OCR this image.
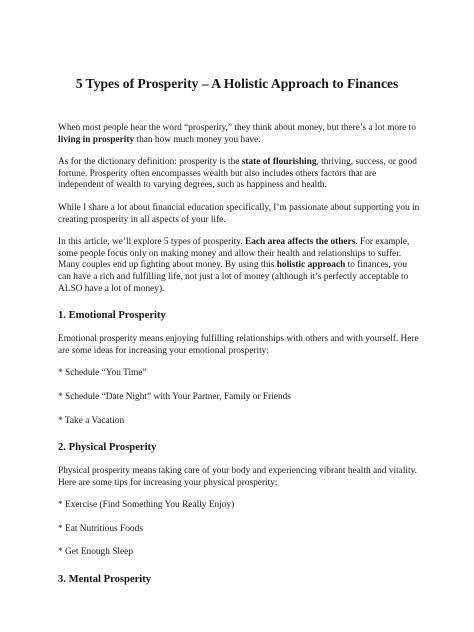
5 Types of Prosperity – A Holistic Approach to Finances

When most people hear the word “prosperity,” they think about money, but there’s a lot more to living in prosperity than how much money you have.

As for the dictionary definition: prosperity is the state of flourishing, thriving, success, or good fortune. Prosperity often encompasses wealth but also includes others factors that are independent of wealth to varying degrees, such as happiness and health.

While I share a lot about financial education specifically, I’m passionate about supporting you in creating prosperity in all aspects of your life.

In this article, we’ll explore 5 types of prosperity. Each area affects the others. For example, some people focus only on making money and allow their health and relationships to suffer. Many couples end up fighting about money. By using this holistic approach to finances, you can have a rich and fulfilling life, not just a lot of money (although it’s perfectly acceptable to ALSO have a lot of money).

1. Emotional Prosperity

Emotional prosperity means enjoying fulfilling relationships with others and with yourself. Here are some ideas for increasing your emotional prosperity:

* Schedule “You Time”
* Schedule “Date Night” with Your Partner, Family or Friends
* Take a Vacation
2. Physical Prosperity

Physical prosperity means taking care of your body and experiencing vibrant health and vitality. Here are some tips for increasing your physical prosperity:

* Exercise (Find Something You Really Enjoy)
* Eat Nutritious Foods
* Get Enough Sleep
3. Mental Prosperity
